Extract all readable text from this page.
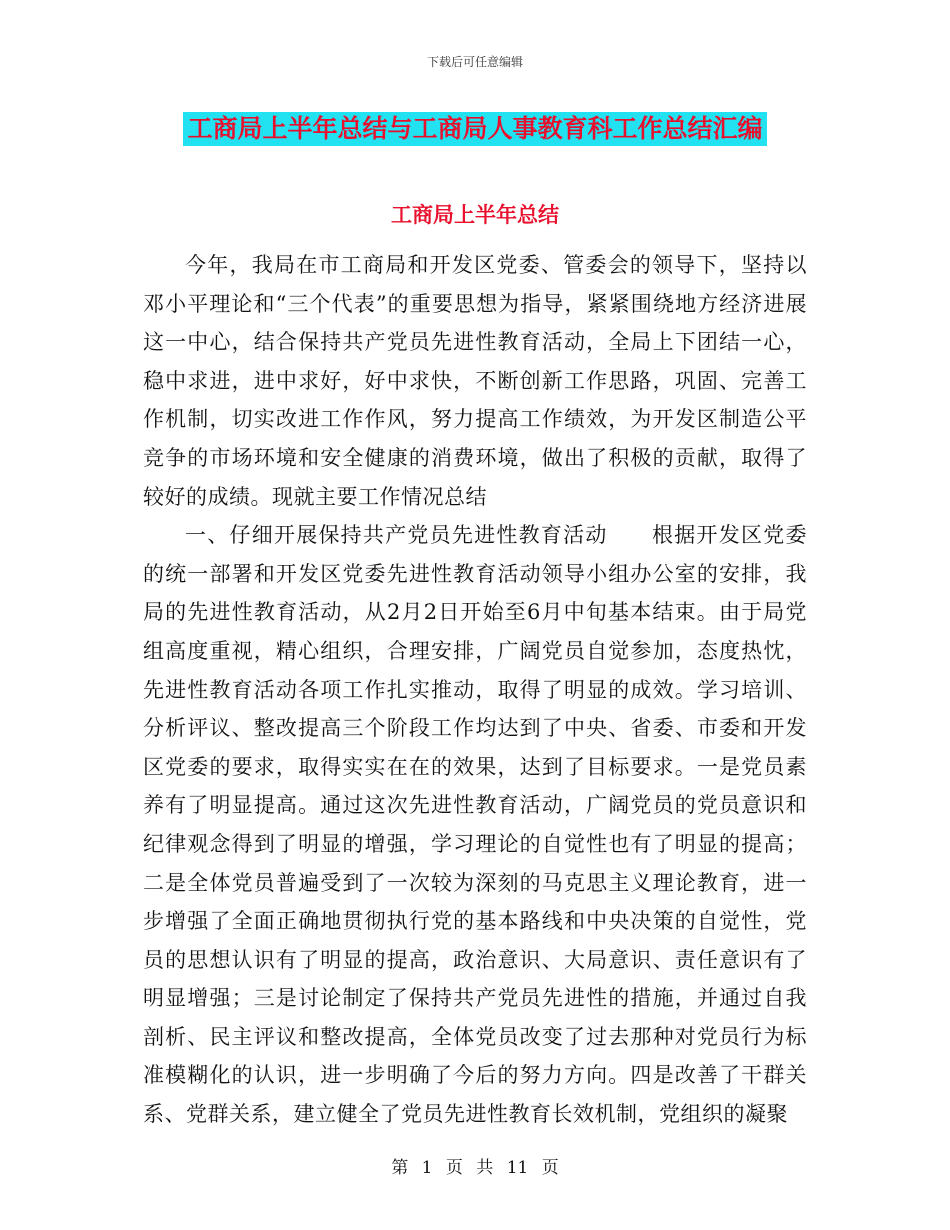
下载后可任意编辑
工商局上半年总结与工商局人事教育科工作总结汇编
工商局上半年总结

今年，我局在市工商局和开发区党委、管委会的领导下，坚持以邓小平理论和“三个代表”的重要思想为指导，紧紧围绕地方经济进展这一中心，结合保持共产党员先进性教育活动，全局上下团结一心，稳中求进，进中求好，好中求快，不断创新工作思路，巩固、完善工作机制，切实改进工作作风，努力提高工作绩效，为开发区制造公平竞争的市场环境和安全健康的消费环境，做出了积极的贡献，取得了较好的成绩。现就主要工作情况总结

一、仔细开展保持共产党员先进性教育活动　　根据开发区党委的统一部署和开发区党委先进性教育活动领导小组办公室的安排，我局的先进性教育活动，从2月2日开始至6月中旬基本结束。由于局党组高度重视，精心组织，合理安排，广阔党员自觉参加，态度热忱，先进性教育活动各项工作扎实推动，取得了明显的成效。学习培训、分析评议、整改提高三个阶段工作均达到了中央、省委、市委和开发区党委的要求，取得实实在在的效果，达到了目标要求。一是党员素养有了明显提高。通过这次先进性教育活动，广阔党员的党员意识和纪律观念得到了明显的增强，学习理论的自觉性也有了明显的提高；二是全体党员普遍受到了一次较为深刻的马克思主义理论教育，进一步增强了全面正确地贯彻执行党的基本路线和中央决策的自觉性，党员的思想认识有了明显的提高，政治意识、大局意识、责任意识有了明显增强；三是讨论制定了保持共产党员先进性的措施，并通过自我剖析、民主评议和整改提高，全体党员改变了过去那种对党员行为标准模糊化的认识，进一步明确了今后的努力方向。四是改善了干群关系、党群关系，建立健全了党员先进性教育长效机制，党组织的凝聚

第 1 页 共 11 页
